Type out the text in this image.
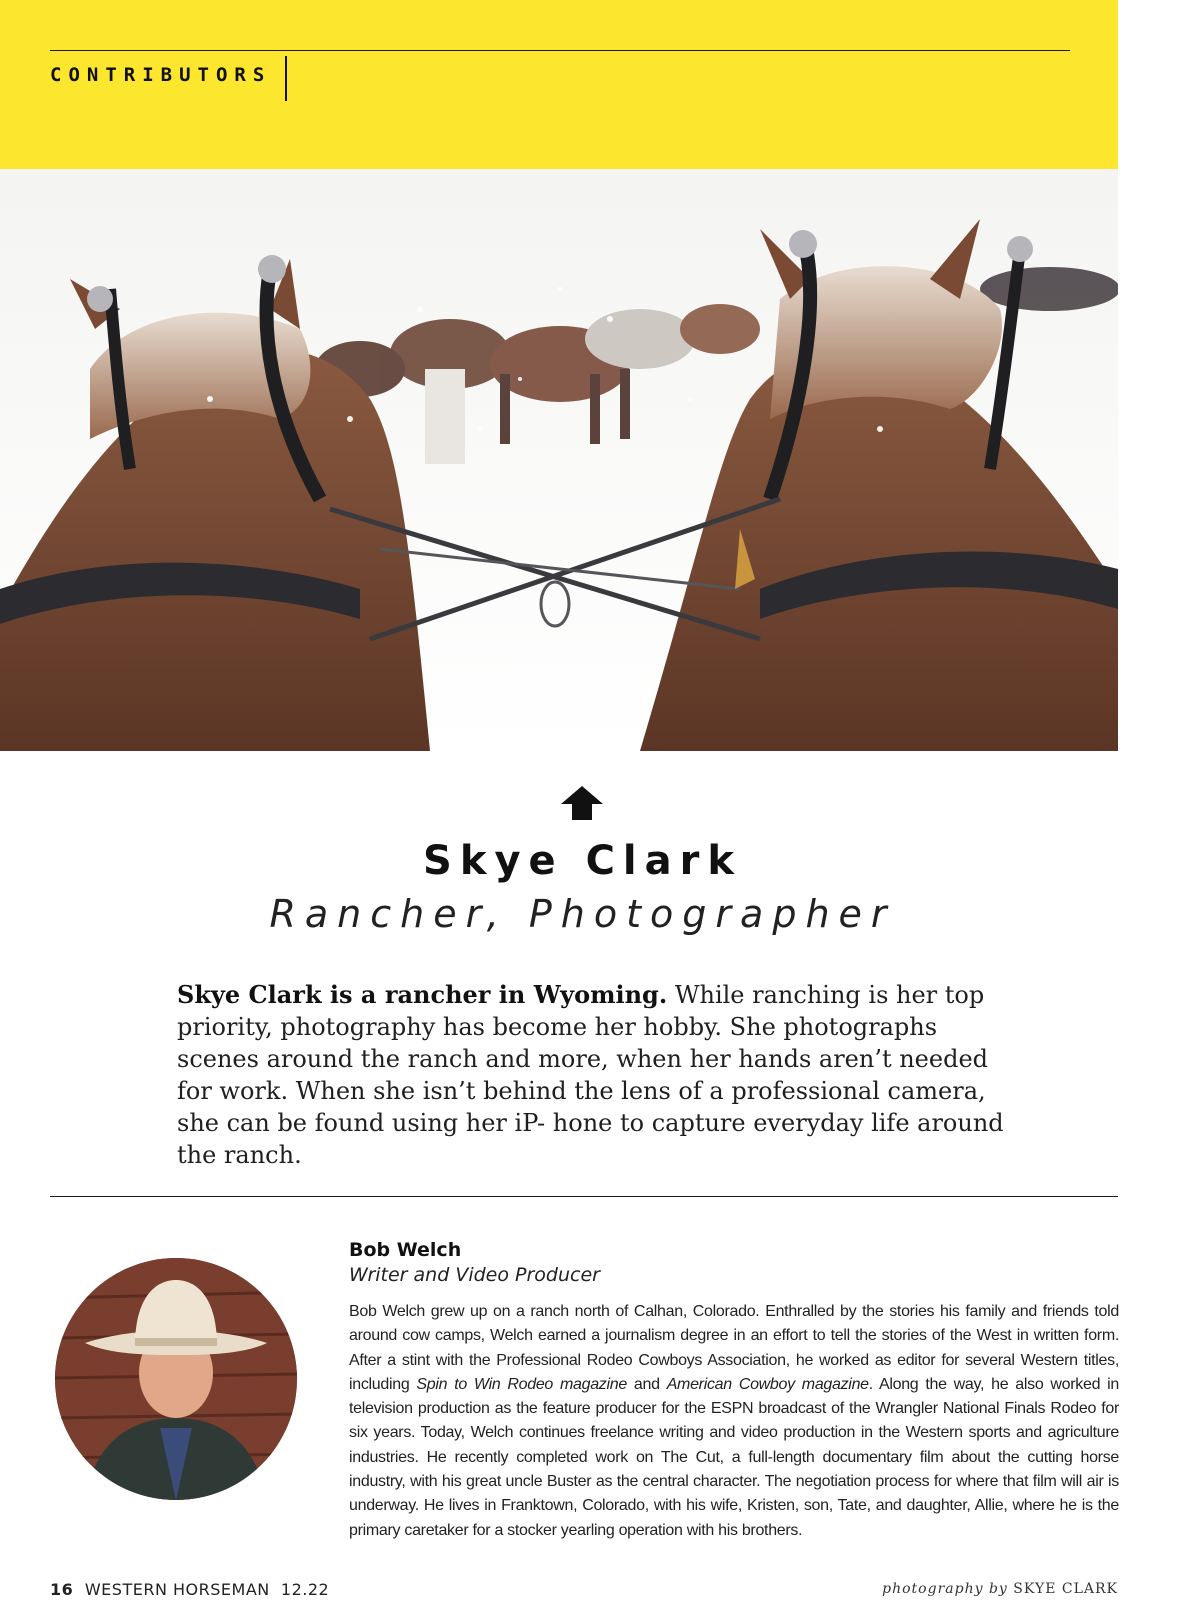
CONTRIBUTORS
Skye Clark
Rancher, Photographer

Skye Clark is a rancher in Wyoming. While ranching is her top priority, photography has become her hobby. She photographs scenes around the ranch and more, when her hands aren’t needed for work. When she isn’t behind the lens of a professional camera, she can be found using her iP- hone to capture everyday life around the ranch.

Bob Welch
Writer and Video Producer

Bob Welch grew up on a ranch north of Calhan, Colorado. Enthralled by the stories his family and friends told around cow camps, Welch earned a journalism degree in an effort to tell the stories of the West in written form. After a stint with the Professional Rodeo Cowboys Association, he worked as editor for several Western titles, including Spin to Win Rodeo magazine and American Cowboy magazine. Along the way, he also worked in television production as the feature producer for the ESPN broadcast of the Wrangler National Finals Rodeo for six years. Today, Welch continues freelance writing and video production in the Western sports and agriculture industries. He recently completed work on The Cut, a full-length documentary film about the cutting horse industry, with his great uncle Buster as the central character. The negotiation process for where that film will air is underway. He lives in Franktown, Colorado, with his wife, Kristen, son, Tate, and daughter, Allie, where he is the primary caretaker for a stocker yearling operation with his brothers.

16 WESTERN HORSEMAN 12.22	photography by SKYE CLARK
